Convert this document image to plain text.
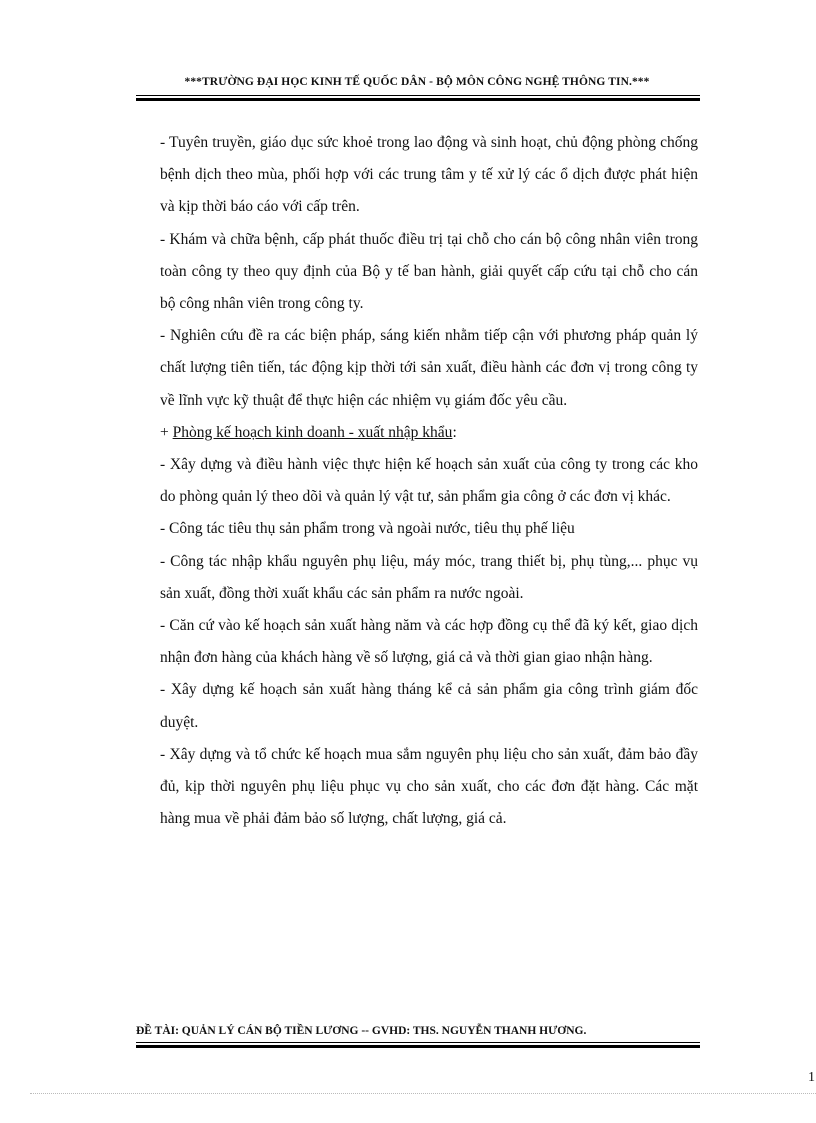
***TRƯỜNG ĐẠI HỌC KINH TẾ QUỐC DÂN - BỘ MÔN CÔNG NGHỆ THÔNG TIN.***

- Tuyên truyền, giáo dục sức khoẻ trong lao động và sinh hoạt, chủ động phòng chống bệnh dịch theo mùa, phối hợp với các trung tâm y tế xử lý các ổ dịch được phát hiện và kịp thời báo cáo với cấp trên.

- Khám và chữa bệnh, cấp phát thuốc điều trị tại chỗ cho cán bộ công nhân viên trong toàn công ty theo quy định của Bộ y tế ban hành, giải quyết cấp cứu tại chỗ cho cán bộ công nhân viên trong công ty.

- Nghiên cứu đề ra các biện pháp, sáng kiến nhằm tiếp cận với phương pháp quản lý chất lượng tiên tiến, tác động kịp thời tới sản xuất, điều hành các đơn vị trong công ty về lĩnh vực kỹ thuật để thực hiện các nhiệm vụ giám đốc yêu cầu.

+ Phòng kế hoạch kinh doanh - xuất nhập khẩu:

- Xây dựng và điều hành việc thực hiện kế hoạch sản xuất của công ty trong các kho do phòng quản lý theo dõi và quản lý vật tư, sản phẩm gia công ở các đơn vị khác.

- Công tác tiêu thụ sản phẩm trong và ngoài nước, tiêu thụ phế liệu

- Công tác nhập khẩu nguyên phụ liệu, máy móc, trang thiết bị, phụ tùng,... phục vụ sản xuất, đồng thời xuất khẩu các sản phẩm ra nước ngoài.

- Căn cứ vào kế hoạch sản xuất hàng năm và các hợp đồng cụ thể đã ký kết, giao dịch nhận đơn hàng của khách hàng về số lượng, giá cả và thời gian giao nhận hàng.

- Xây dựng kế hoạch sản xuất hàng tháng kể cả sản phẩm gia công trình giám đốc duyệt.

- Xây dựng và tổ chức kế hoạch mua sắm nguyên phụ liệu cho sản xuất, đảm bảo đầy đủ, kịp thời nguyên phụ liệu phục vụ cho sản xuất, cho các đơn đặt hàng. Các mặt hàng mua về phải đảm bảo số lượng, chất lượng, giá cả.

ĐỀ TÀI: QUẢN LÝ CÁN BỘ TIỀN LƯƠNG -- GVHD: THS. NGUYỄN THANH HƯƠNG.
1
